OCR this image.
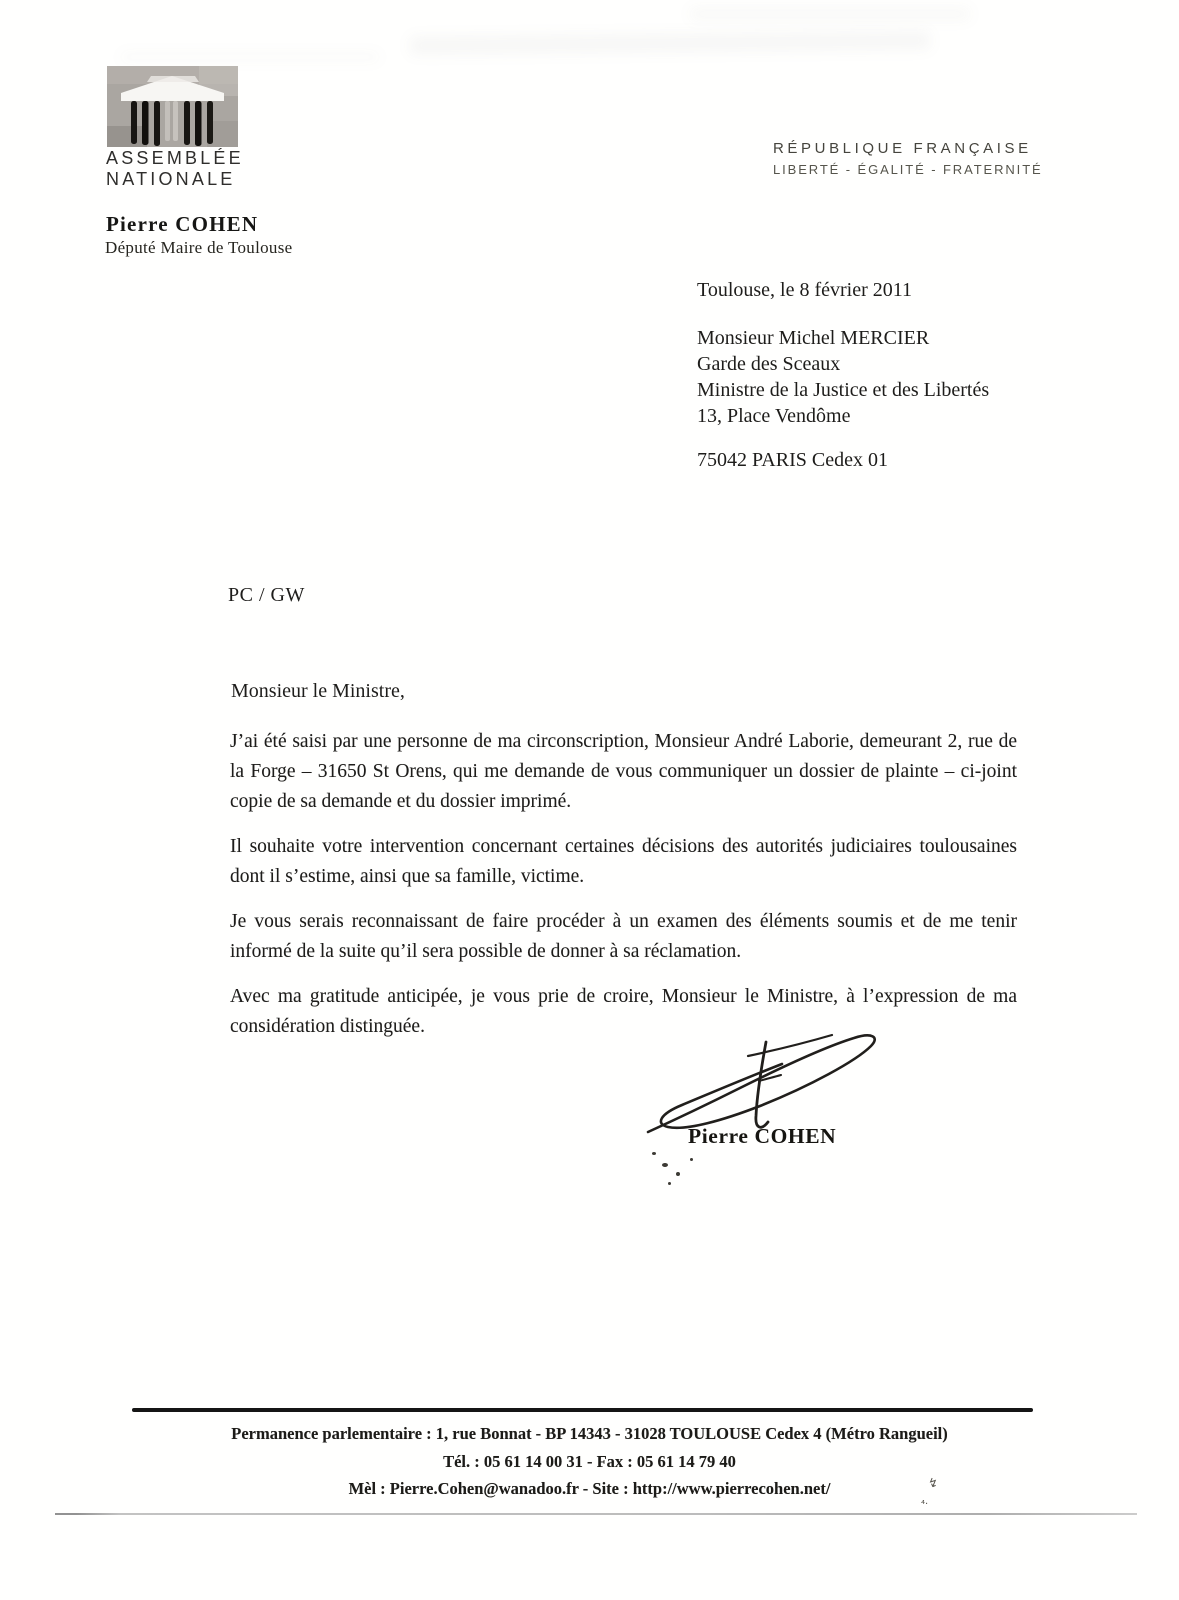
ASSEMBLÉE
NATIONALE
Pierre COHEN
Député Maire de Toulouse
RÉPUBLIQUE FRANÇAISE
LIBERTÉ - ÉGALITÉ - FRATERNITÉ
Toulouse, le 8 février 2011
Monsieur Michel MERCIER
Garde des Sceaux
Ministre de la Justice et des Libertés
13, Place Vendôme
75042 PARIS Cedex 01
PC / GW
Monsieur le Ministre,

J’ai été saisi par une personne de ma circonscription, Monsieur André Laborie, demeurant 2, rue de la Forge – 31650 St Orens, qui me demande de vous communiquer un dossier de plainte – ci-joint copie de sa demande et du dossier imprimé.

Il souhaite votre intervention concernant certaines décisions des autorités judiciaires toulousaines dont il s’estime, ainsi que sa famille, victime.

Je vous serais reconnaissant de faire procéder à un examen des éléments soumis et de me tenir informé de la suite qu’il sera possible de donner à sa réclamation.

Avec ma gratitude anticipée, je vous prie de croire, Monsieur le Ministre, à l’expression de ma considération distinguée.

Pierre COHEN
Permanence parlementaire : 1, rue Bonnat - BP 14343 - 31028 TOULOUSE Cedex 4 (Métro Rangueil)
Tél. : 05 61 14 00 31 - Fax : 05 61 14 79 40
Mèl : Pierre.Cohen@wanadoo.fr - Site : http://www.pierrecohen.net/	↯
₄.
